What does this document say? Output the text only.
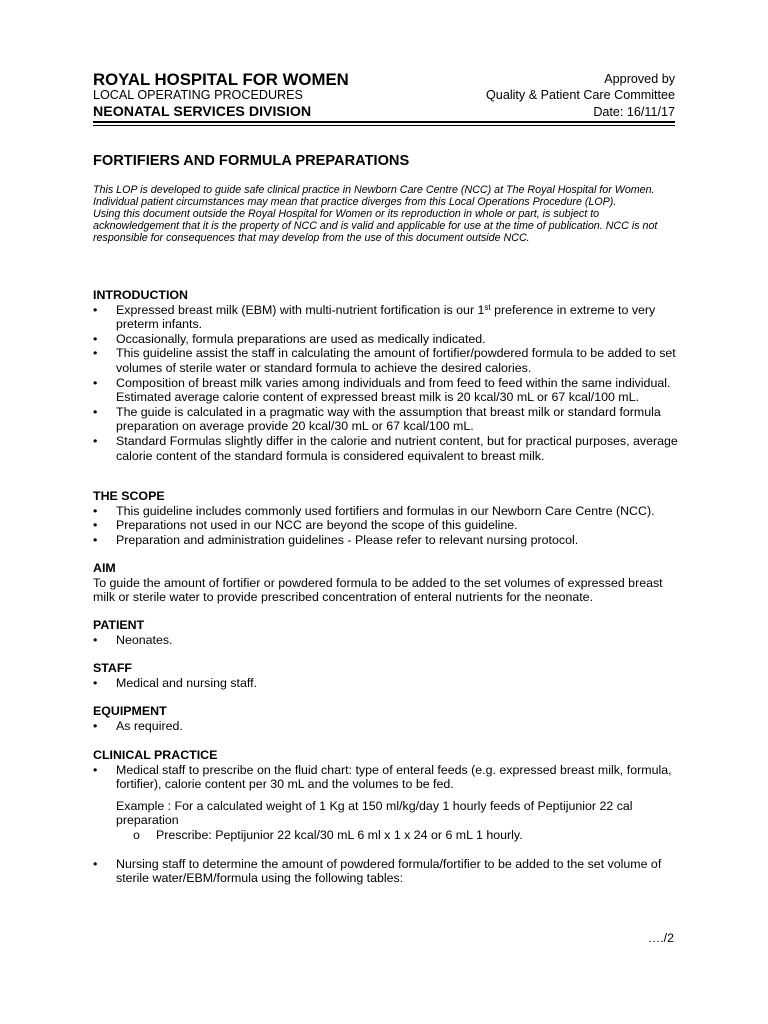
ROYAL HOSPITAL FOR WOMEN	Approved by
LOCAL OPERATING PROCEDURES	Quality & Patient Care Committee
NEONATAL SERVICES DIVISION	Date: 16/11/17
FORTIFIERS AND FORMULA PREPARATIONS

This LOP is developed to guide safe clinical practice in Newborn Care Centre (NCC) at The Royal Hospital for Women. Individual patient circumstances may mean that practice diverges from this Local Operations Procedure (LOP).

Using this document outside the Royal Hospital for Women or its reproduction in whole or part, is subject to acknowledgement that it is the property of NCC and is valid and applicable for use at the time of publication. NCC is not responsible for consequences that may develop from the use of this document outside NCC.

INTRODUCTION

• Expressed breast milk (EBM) with multi-nutrient fortification is our 1st preference in extreme to very preterm infants.
• Occasionally, formula preparations are used as medically indicated.
• This guideline assist the staff in calculating the amount of fortifier/powdered formula to be added to set volumes of sterile water or standard formula to achieve the desired calories.
• Composition of breast milk varies among individuals and from feed to feed within the same individual. Estimated average calorie content of expressed breast milk is 20 kcal/30 mL or 67 kcal/100 mL.
• The guide is calculated in a pragmatic way with the assumption that breast milk or standard formula preparation on average provide 20 kcal/30 mL or 67 kcal/100 mL.
• Standard Formulas slightly differ in the calorie and nutrient content, but for practical purposes, average calorie content of the standard formula is considered equivalent to breast milk.

THE SCOPE

• This guideline includes commonly used fortifiers and formulas in our Newborn Care Centre (NCC).
• Preparations not used in our NCC are beyond the scope of this guideline.
• Preparation and administration guidelines - Please refer to relevant nursing protocol.

AIM

To guide the amount of fortifier or powdered formula to be added to the set volumes of expressed breast milk or sterile water to provide prescribed concentration of enteral nutrients for the neonate.

PATIENT

• Neonates.

STAFF

• Medical and nursing staff.

EQUIPMENT

• As required.

CLINICAL PRACTICE

• Medical staff to prescribe on the fluid chart: type of enteral feeds (e.g. expressed breast milk, formula, fortifier), calorie content per 30 mL and the volumes to be fed.
Example : For a calculated weight of 1 Kg at 150 ml/kg/day 1 hourly feeds of Peptijunior 22 cal preparation
o Prescribe: Peptijunior 22 kcal/30 mL 6 ml x 1 x 24 or 6 mL 1 hourly.
• Nursing staff to determine the amount of powdered formula/fortifier to be added to the set volume of sterile water/EBM/formula using the following tables:
…./2
